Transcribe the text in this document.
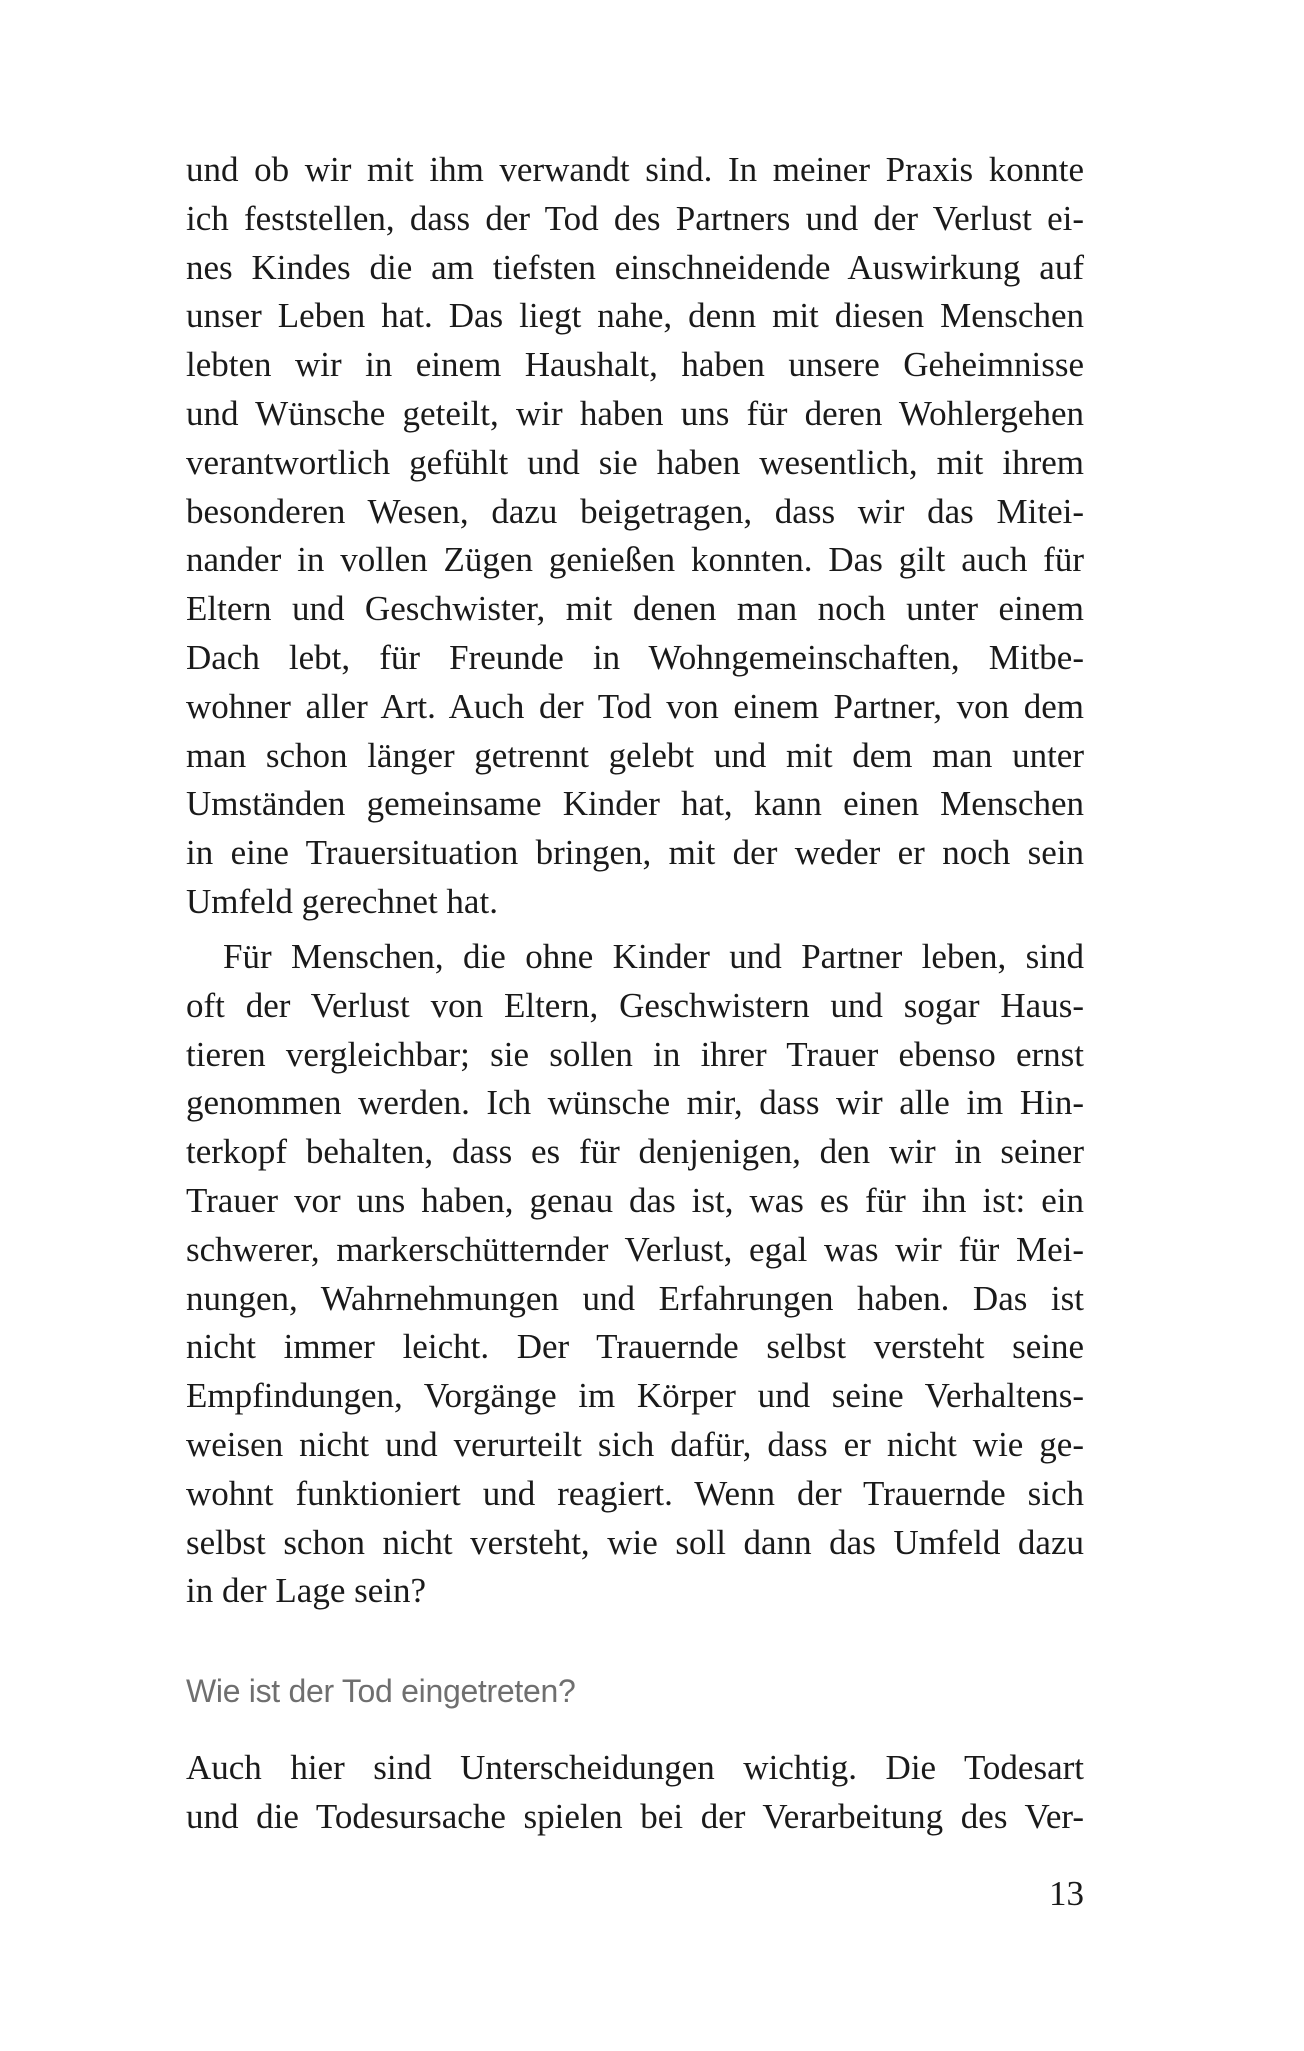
und ob wir mit ihm verwandt sind. In meiner Praxis konnte
ich feststellen, dass der Tod des Partners und der Verlust ei-
nes Kindes die am tiefsten einschneidende Auswirkung auf
unser Leben hat. Das liegt nahe, denn mit diesen Menschen
lebten wir in einem Haushalt, haben unsere Geheimnisse
und Wünsche geteilt, wir haben uns für deren Wohlergehen
verantwortlich gefühlt und sie haben wesentlich, mit ihrem
besonderen Wesen, dazu beigetragen, dass wir das Mitei-
nander in vollen Zügen genießen konnten. Das gilt auch für
Eltern und Geschwister, mit denen man noch unter einem
Dach lebt, für Freunde in Wohngemeinschaften, Mitbe-
wohner aller Art. Auch der Tod von einem Partner, von dem
man schon länger getrennt gelebt und mit dem man unter
Umständen gemeinsame Kinder hat, kann einen Menschen
in eine Trauersituation bringen, mit der weder er noch sein
Umfeld gerechnet hat.
Für Menschen, die ohne Kinder und Partner leben, sind
oft der Verlust von Eltern, Geschwistern und sogar Haus-
tieren vergleichbar; sie sollen in ihrer Trauer ebenso ernst
genommen werden. Ich wünsche mir, dass wir alle im Hin-
terkopf behalten, dass es für denjenigen, den wir in seiner
Trauer vor uns haben, genau das ist, was es für ihn ist: ein
schwerer, markerschütternder Verlust, egal was wir für Mei-
nungen, Wahrnehmungen und Erfahrungen haben. Das ist
nicht immer leicht. Der Trauernde selbst versteht seine
Empfindungen, Vorgänge im Körper und seine Verhaltens-
weisen nicht und verurteilt sich dafür, dass er nicht wie ge-
wohnt funktioniert und reagiert. Wenn der Trauernde sich
selbst schon nicht versteht, wie soll dann das Umfeld dazu
in der Lage sein?
Wie ist der Tod eingetreten?
Auch hier sind Unterscheidungen wichtig. Die Todesart
und die Todesursache spielen bei der Verarbeitung des Ver-
13
